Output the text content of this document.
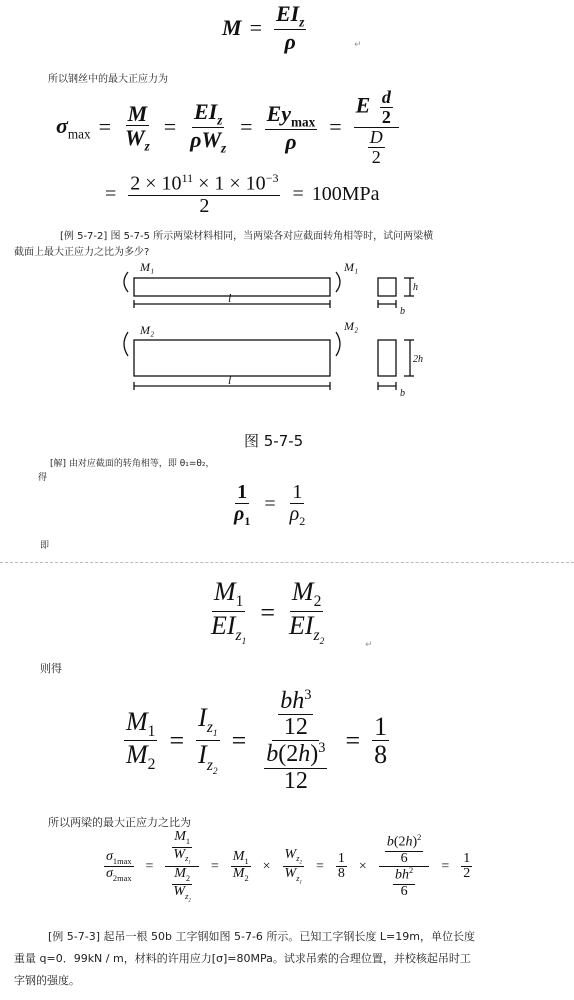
$M = \frac{EI_z}{\rho}$	↵
所以钢丝中的最大正应力为
$\sigma_{max} = \frac{M}{W_z} = \frac{EI_z}{\rho W_z} = \frac{Ey_{max}}{\rho} = \frac{E \frac{d}{2}}{\frac{D}{2}}$
= $\frac{2 \times 10^{11} \times 1 \times 10^{-3}}{2} = 100MPa$
[例 5-7-2] 图 5-7-5 所示两梁材料相同，当两梁各对应截面转角相等时，试问两梁横
截面上最大正应力之比为多少?
M₁	M₁
M₂	M₂
l
l
h
2h
b
b
图 5-7-5
[解] 由对应截面的转角相等，即 θ₁=θ₂，
得
$\frac{1}{\rho_1} = \frac{1}{\rho_2}$
即
$\frac{M_1}{EI_{z_1}} = \frac{M_2}{EI_{z_2}}$	↵
则得
$\frac{M_1}{M_2} = \frac{I_{z_1}}{I_{z_2}} = \frac{\frac{bh^3}{12}}{\frac{b(2h)^3}{12}} = \frac{1}{8}$
所以两梁的最大正应力之比为
$\frac{\sigma_{1max}}{\sigma_{2max}} = \frac{\frac{M_1}{W_{z_1}}}{\frac{M_2}{W_{z_2}}} = \frac{M_1}{M_2} \times \frac{W_{z_2}}{W_{z_1}} = \frac{1}{8} \times \frac{\frac{b(2h)^2}{6}}{\frac{bh^2}{6}} = \frac{1}{2}$
[例 5-7-3] 起吊一根 50b 工字钢如图 5-7-6 所示。已知工字钢长度 L=19m，单位长度
重量 q=0．99kN / m，材料的许用应力[σ]=80MPa。试求吊索的合理位置，并校核起吊时工
字钢的强度。
